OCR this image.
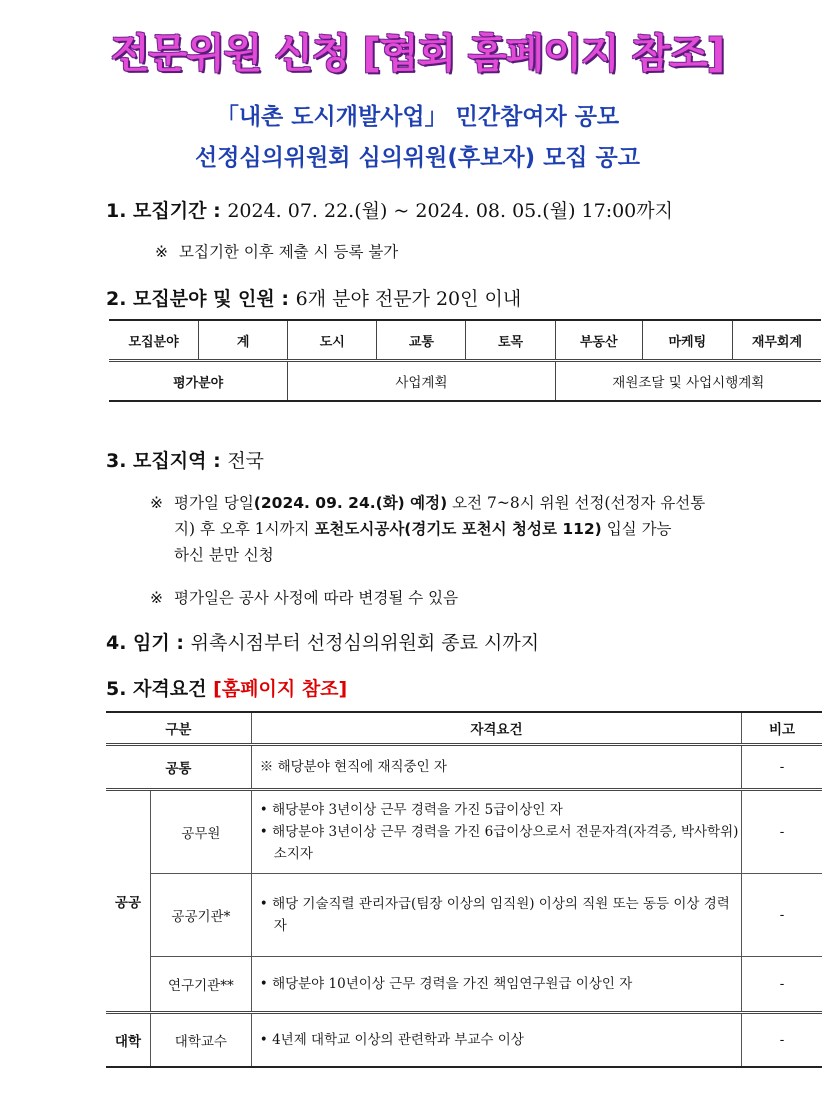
전문위원 신청 [협회 홈페이지 참조]
「내촌 도시개발사업」 민간참여자 공모
선정심의위원회 심의위원(후보자) 모집 공고
1. 모집기간 : 2024. 07. 22.(월) ~ 2024. 08. 05.(월) 17:00까지
※ 모집기한 이후 제출 시 등록 불가
2. 모집분야 및 인원 : 6개 분야 전문가 20인 이내
모집분야	계	도시	교통	토목	부동산	마케팅	재무회계
평가분야		사업계획			재원조달 및 사업시행계획		
3. 모집지역 : 전국
※ 평가일 당일(2024. 09. 24.(화) 예정) 오전 7~8시 위원 선정(선정자 유선통
지) 후 오후 1시까지 포천도시공사(경기도 포천시 청성로 112) 입실 가능
하신 분만 신청
※ 평가일은 공사 사정에 따라 변경될 수 있음
4. 임기 : 위촉시점부터 선정심의위원회 종료 시까지
5. 자격요건 [홈페이지 참조]
구분		자격요건	비고
공통		※ 해당분야 현직에 재직중인 자	-
공공	공무원	• 해당분야 3년이상 근무 경력을 가진 5급이상인 자
• 해당분야 3년이상 근무 경력을 가진 6급이상으로서 전문자격(자격증, 박사학위) 소지자	-
	공공기관*	• 해당 기술직렬 관리자급(팀장 이상의 임직원) 이상의 직원 또는 동등 이상 경력자	-
	연구기관**	• 해당분야 10년이상 근무 경력을 가진 책임연구원급 이상인 자	-
대학	대학교수	• 4년제 대학교 이상의 관련학과 부교수 이상	-
